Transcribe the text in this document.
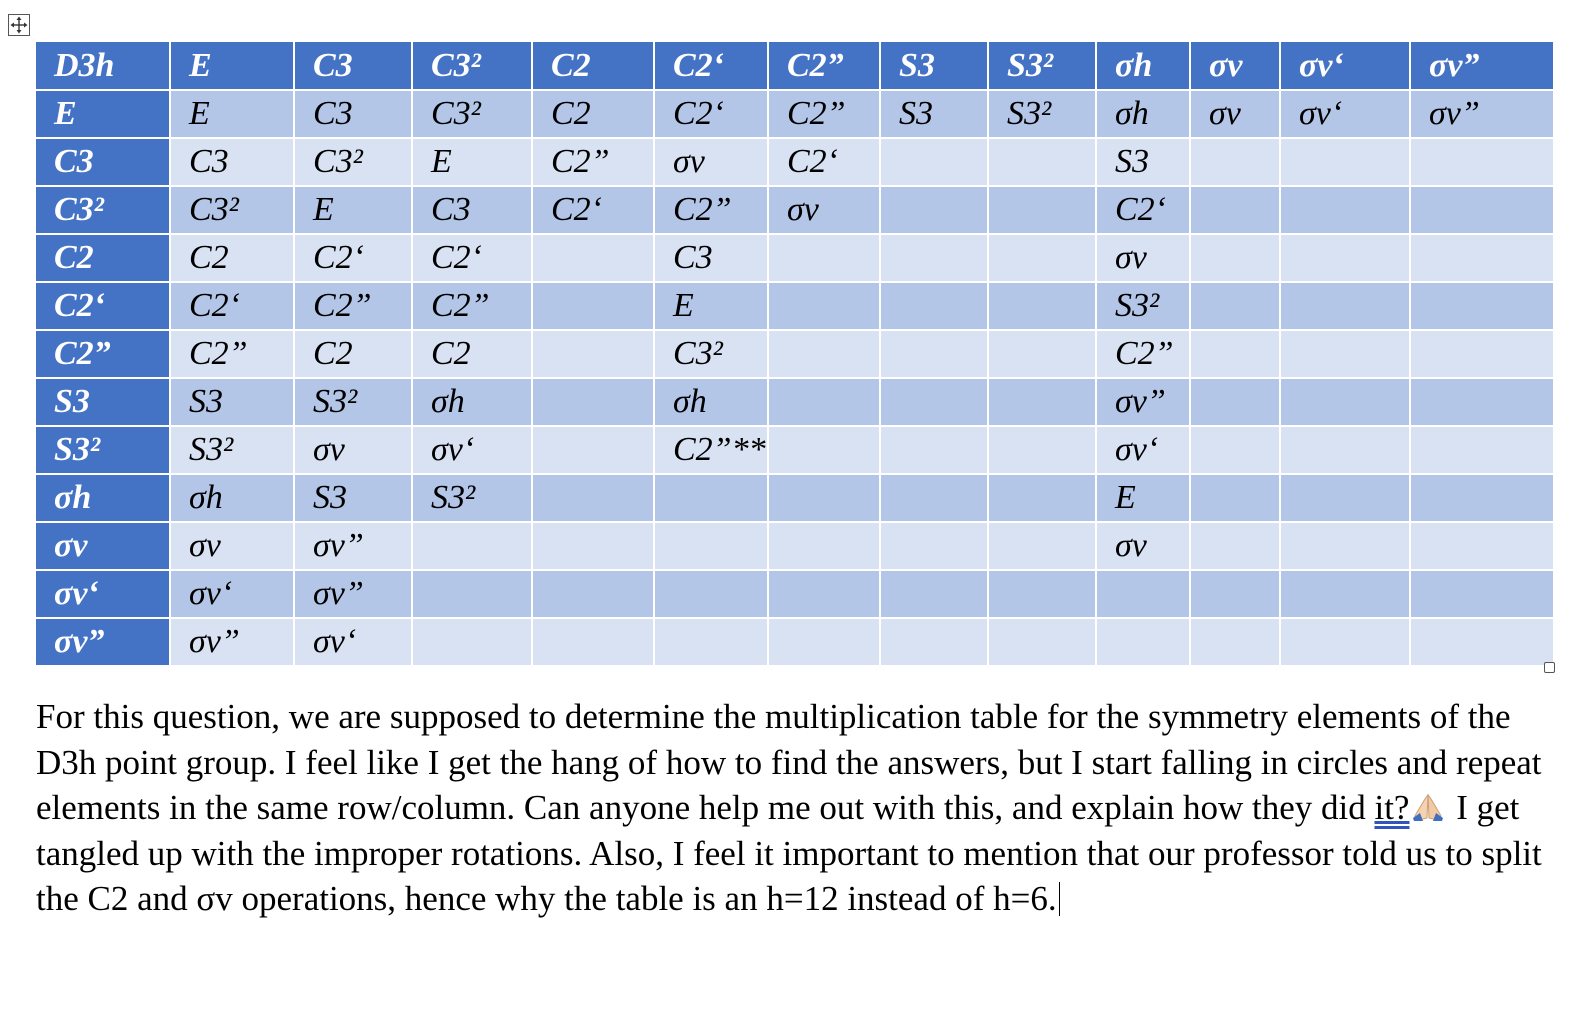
D3h	E	C3	C3²	C2	C2‘	C2”	S3	S3²	σh	σv	σv‘	σv”
E	E	C3	C3²	C2	C2‘	C2”	S3	S3²	σh	σv	σv‘	σv”
C3	C3	C3²	E	C2”	σv	C2‘			S3			
C3²	C3²	E	C3	C2‘	C2”	σv			C2‘			
C2	C2	C2‘	C2‘		C3				σv			
C2‘	C2‘	C2”	C2”		E				S3²			
C2”	C2”	C2	C2		C3²				C2”			
S3	S3	S3²	σh		σh				σv”			
S3²	S3²	σv	σv‘		C2”**				σv‘			
σh	σh	S3	S3²						E			
σv	σv	σv”							σv			
σv‘	σv‘	σv”										
σv”	σv”	σv‘										
For this question, we are supposed to determine the multiplication table for the symmetry elements of the D3h point group. I feel like I get the hang of how to find the answers, but I start falling in circles and repeat elements in the same row/column. Can anyone help me out with this, and explain how they did it? I get tangled up with the improper rotations. Also, I feel it important to mention that our professor told us to split the C2 and σv operations, hence why the table is an h=12 instead of h=6.
